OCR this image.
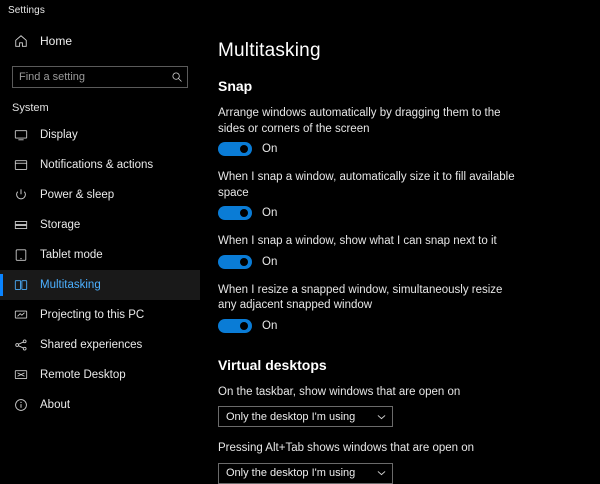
Settings
Home
Find a setting
System
Display
Notifications & actions
Power & sleep
Storage
Tablet mode
Multitasking
Projecting to this PC
Shared experiences
Remote Desktop
About
Multitasking
Snap
Arrange windows automatically by dragging them to the sides or corners of the screen
On
When I snap a window, automatically size it to fill available space
On
When I snap a window, show what I can snap next to it
On
When I resize a snapped window, simultaneously resize any adjacent snapped window
On
Virtual desktops
On the taskbar, show windows that are open on
Only the desktop I'm using
Pressing Alt+Tab shows windows that are open on
Only the desktop I'm using
